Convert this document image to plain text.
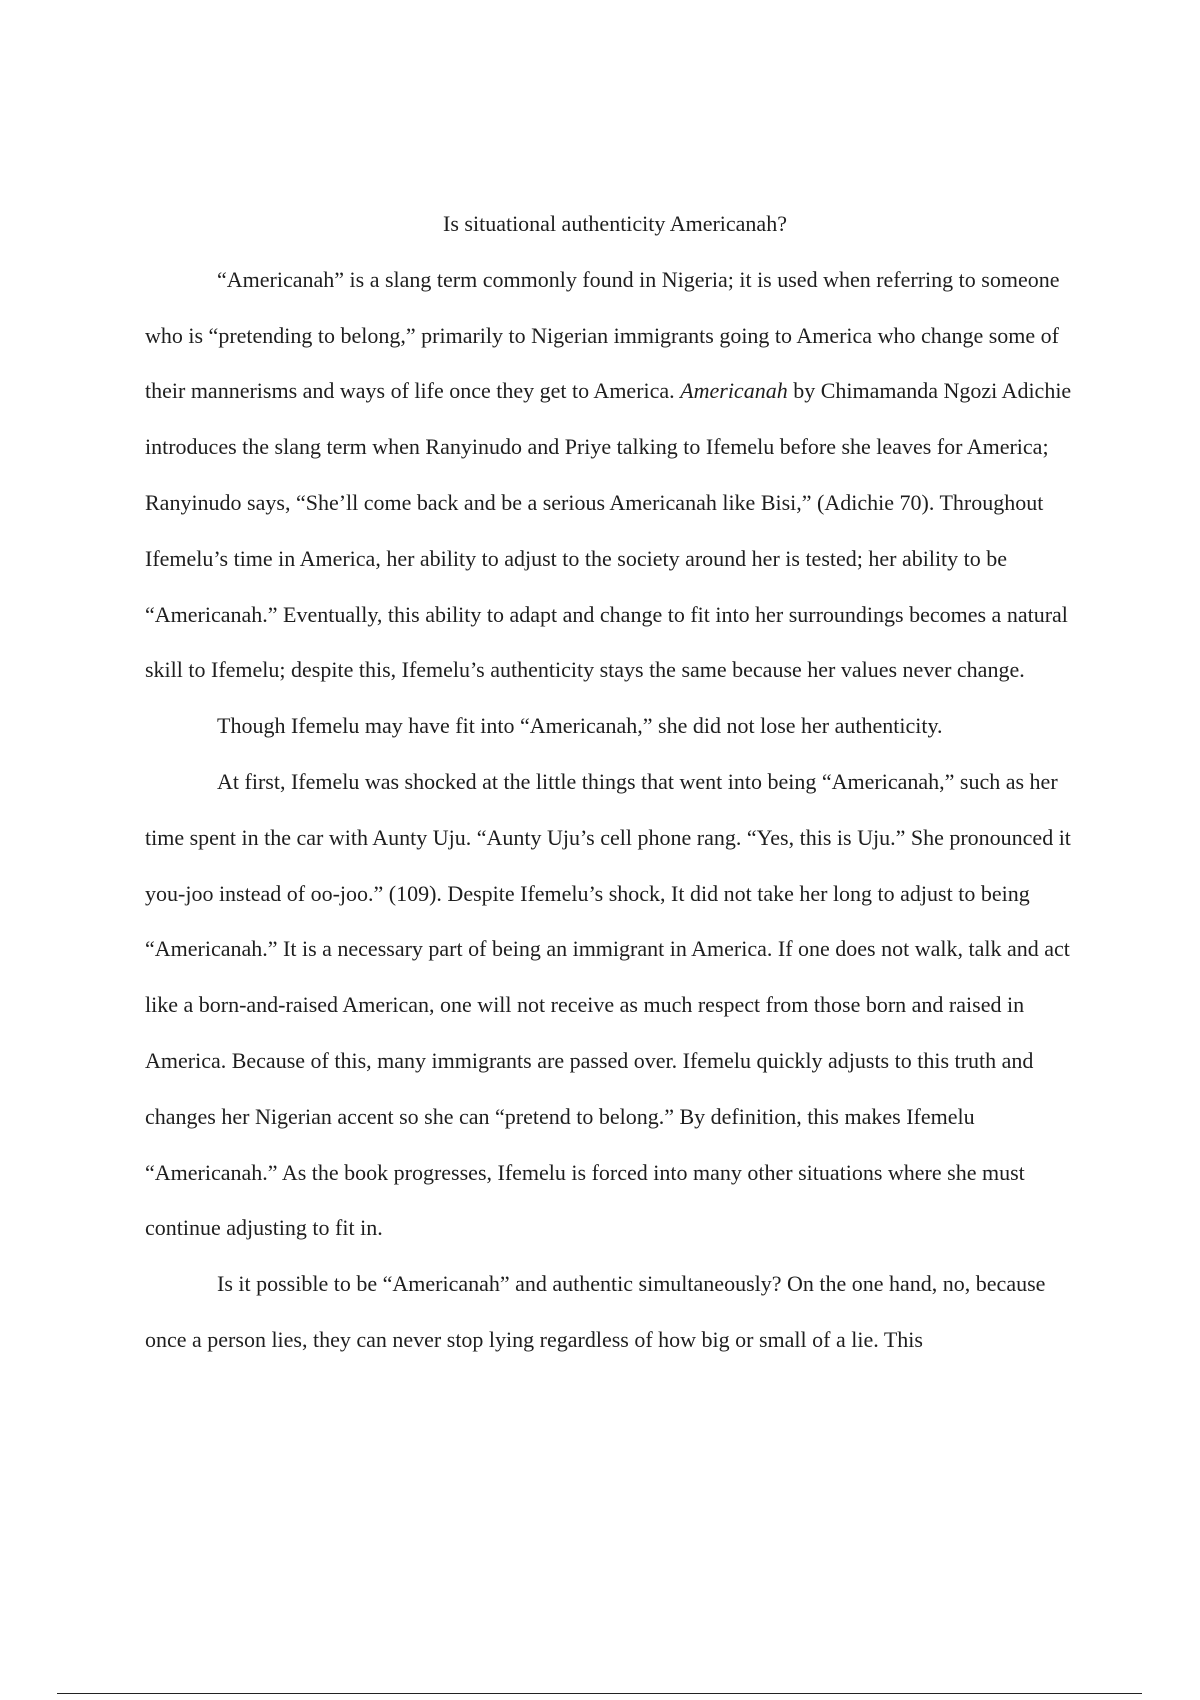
Is situational authenticity Americanah?

“Americanah” is a slang term commonly found in Nigeria; it is used when referring to someone who is “pretending to belong,” primarily to Nigerian immigrants going to America who change some of their mannerisms and ways of life once they get to America. Americanah by Chimamanda Ngozi Adichie introduces the slang term when Ranyinudo and Priye talking to Ifemelu before she leaves for America; Ranyinudo says, “She’ll come back and be a serious Americanah like Bisi,” (Adichie 70). Throughout Ifemelu’s time in America, her ability to adjust to the society around her is tested; her ability to be “Americanah.” Eventually, this ability to adapt and change to fit into her surroundings becomes a natural skill to Ifemelu; despite this, Ifemelu’s authenticity stays the same because her values never change.

Though Ifemelu may have fit into “Americanah,” she did not lose her authenticity.

At first, Ifemelu was shocked at the little things that went into being “Americanah,” such as her time spent in the car with Aunty Uju. “Aunty Uju’s cell phone rang. “Yes, this is Uju.” She pronounced it you-joo instead of oo-joo.” (109). Despite Ifemelu’s shock, It did not take her long to adjust to being “Americanah.” It is a necessary part of being an immigrant in America. If one does not walk, talk and act like a born-and-raised American, one will not receive as much respect from those born and raised in America. Because of this, many immigrants are passed over. Ifemelu quickly adjusts to this truth and changes her Nigerian accent so she can “pretend to belong.” By definition, this makes Ifemelu “Americanah.” As the book progresses, Ifemelu is forced into many other situations where she must continue adjusting to fit in.

Is it possible to be “Americanah” and authentic simultaneously? On the one hand, no, because once a person lies, they can never stop lying regardless of how big or small of a lie. This
